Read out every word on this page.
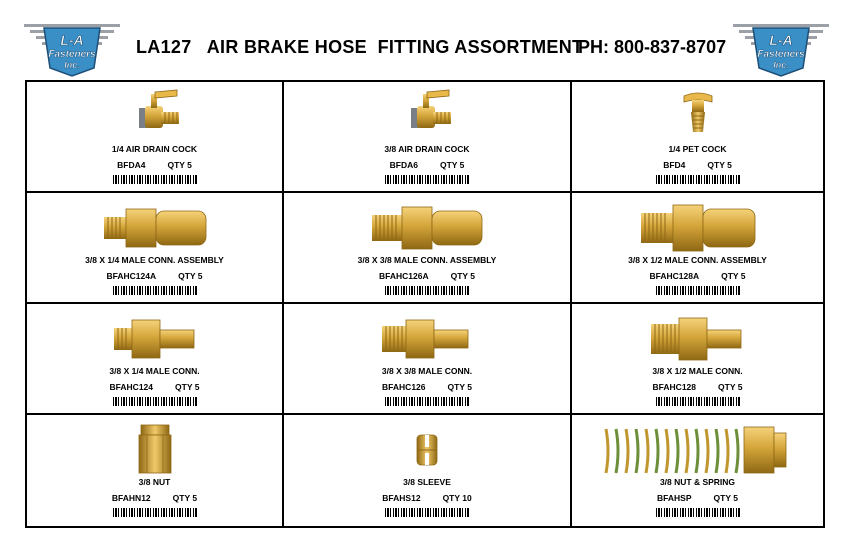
L-A
Fasteners
Inc.
L-A
Fasteners
Inc.
LA127   AIR BRAKE HOSE  FITTING ASSORTMENT
PH: 800-837-8707
1/4 AIR DRAIN COCK
BFDA4	QTY 5
3/8 AIR DRAIN COCK
BFDA6	QTY 5
1/4 PET COCK
BFD4	QTY 5
3/8 X 1/4 MALE CONN. ASSEMBLY
BFAHC124A	QTY 5
3/8 X 3/8 MALE CONN. ASSEMBLY
BFAHC126A	QTY 5
3/8 X 1/2 MALE CONN. ASSEMBLY
BFAHC128A	QTY 5
3/8 X 1/4 MALE CONN.
BFAHC124	QTY 5
3/8 X 3/8 MALE CONN.
BFAHC126	QTY 5
3/8 X 1/2 MALE CONN.
BFAHC128	QTY 5
3/8 NUT
BFAHN12	QTY 5
3/8 SLEEVE
BFAHS12	QTY 10
3/8 NUT & SPRING
BFAHSP	QTY 5
